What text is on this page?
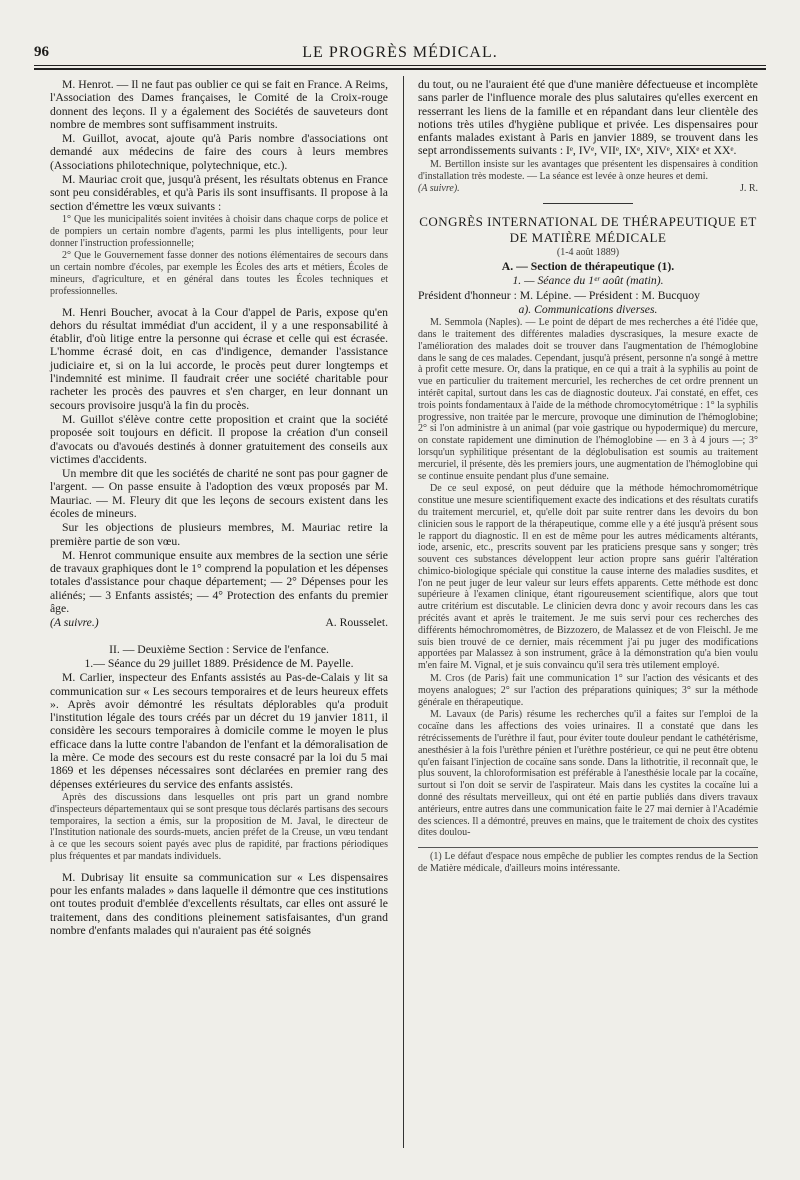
96	LE PROGRÈS MÉDICAL.

M. Henrot. — Il ne faut pas oublier ce qui se fait en France. A Reims, l'Association des Dames françaises, le Comité de la Croix-rouge donnent des leçons. Il y a également des Sociétés de sauveteurs dont nombre de membres sont suffisamment instruits.

M. Guillot, avocat, ajoute qu'à Paris nombre d'associations ont demandé aux médecins de faire des cours à leurs membres (Associations philotechnique, polytechnique, etc.).

M. Mauriac croit que, jusqu'à présent, les résultats obtenus en France sont peu considérables, et qu'à Paris ils sont insuffisants. Il propose à la section d'émettre les vœux suivants :

1° Que les municipalités soient invitées à choisir dans chaque corps de police et de pompiers un certain nombre d'agents, parmi les plus intelligents, pour leur donner l'instruction professionnelle;

2° Que le Gouvernement fasse donner des notions élémentaires de secours dans un certain nombre d'écoles, par exemple les Écoles des arts et métiers, Écoles de mineurs, d'agriculture, et en général dans toutes les Écoles techniques et professionnelles.

M. Henri Boucher, avocat à la Cour d'appel de Paris, expose qu'en dehors du résultat immédiat d'un accident, il y a une responsabilité à établir, d'où litige entre la personne qui écrase et celle qui est écrasée. L'homme écrasé doit, en cas d'indigence, demander l'assistance judiciaire et, si on la lui accorde, le procès peut durer longtemps et l'indemnité est minime. Il faudrait créer une société charitable pour racheter les procès des pauvres et s'en charger, en leur donnant un secours provisoire jusqu'à la fin du procès.

M. Guillot s'élève contre cette proposition et craint que la société proposée soit toujours en déficit. Il propose la création d'un conseil d'avocats ou d'avoués destinés à donner gratuitement des conseils aux victimes d'accidents.

Un membre dit que les sociétés de charité ne sont pas pour gagner de l'argent. — On passe ensuite à l'adoption des vœux proposés par M. Mauriac. — M. Fleury dit que les leçons de secours existent dans les écoles de mineurs.

Sur les objections de plusieurs membres, M. Mauriac retire la première partie de son vœu.

M. Henrot communique ensuite aux membres de la section une série de travaux graphiques dont le 1° comprend la population et les dépenses totales d'assistance pour chaque département; — 2° Dépenses pour les aliénés; — 3 Enfants assistés; — 4° Protection des enfants du premier âge.

(A suivre.)	A. Rousselet.

II. — Deuxième Section : Service de l'enfance.

1.— Séance du 29 juillet 1889. Présidence de M. Payelle.

M. Carlier, inspecteur des Enfants assistés au Pas-de-Calais y lit sa communication sur « Les secours temporaires et de leurs heureux effets ». Après avoir démontré les résultats déplorables qu'a produit l'institution légale des tours créés par un décret du 19 janvier 1811, il considère les secours temporaires à domicile comme le moyen le plus efficace dans la lutte contre l'abandon de l'enfant et la démoralisation de la mère. Ce mode des secours est du reste consacré par la loi du 5 mai 1869 et les dépenses nécessaires sont déclarées en premier rang des dépenses extérieures du service des enfants assistés.

Après des discussions dans lesquelles ont pris part un grand nombre d'inspecteurs départementaux qui se sont presque tous déclarés partisans des secours temporaires, la section a émis, sur la proposition de M. Javal, le directeur de l'Institution nationale des sourds-muets, ancien préfet de la Creuse, un vœu tendant à ce que les secours soient payés avec plus de rapidité, par fractions périodiques plus fréquentes et par mandats individuels.

M. Dubrisay lit ensuite sa communication sur « Les dispensaires pour les enfants malades » dans laquelle il démontre que ces institutions ont toutes produit d'emblée d'excellents résultats, car elles ont assuré le traitement, dans des conditions pleinement satisfaisantes, d'un grand nombre d'enfants malades qui n'auraient pas été soignés

du tout, ou ne l'auraient été que d'une manière défectueuse et incomplète sans parler de l'influence morale des plus salutaires qu'elles exercent en resserrant les liens de la famille et en répandant dans leur clientèle des notions très utiles d'hygiène publique et privée. Les dispensaires pour enfants malades existant à Paris en janvier 1889, se trouvent dans les sept arrondissements suivants : Iᵉ, IVᵉ, VIIᵉ, IXᵉ, XIVᵉ, XIXᵉ et XXᵉ.

M. Bertillon insiste sur les avantages que présentent les dispensaires à condition d'installation très modeste. — La séance est levée à onze heures et demi.

(A suivre).	J. R.

CONGRÈS INTERNATIONAL DE THÉRAPEUTIQUE ET DE MATIÈRE MÉDICALE

(1-4 août 1889)

A. — Section de thérapeutique (1).

1. — Séance du 1ᵉʳ août (matin).

Président d'honneur : M. Lépine. — Président : M. Bucquoy

a). Communications diverses.

M. Semmola (Naples). — Le point de départ de mes recherches a été l'idée que, dans le traitement des différentes maladies dyscrasiques, la mesure exacte de l'amélioration des malades doit se trouver dans l'augmentation de l'hémoglobine dans le sang de ces malades. Cependant, jusqu'à présent, personne n'a songé à mettre à profit cette mesure. Or, dans la pratique, en ce qui a trait à la syphilis au point de vue en particulier du traitement mercuriel, les recherches de cet ordre prennent un intérêt capital, surtout dans les cas de diagnostic douteux. J'ai constaté, en effet, ces trois points fondamentaux à l'aide de la méthode chromocytométrique : 1° la syphilis progressive, non traitée par le mercure, provoque une diminution de l'hémoglobine; 2° si l'on administre à un animal (par voie gastrique ou hypodermique) du mercure, on constate rapidement une diminution de l'hémoglobine — en 3 à 4 jours —; 3° lorsqu'un syphilitique présentant de la déglobulisation est soumis au traitement mercuriel, il présente, dès les premiers jours, une augmentation de l'hémoglobine qui se continue ensuite pendant plus d'une semaine.

De ce seul exposé, on peut déduire que la méthode hémochromométrique constitue une mesure scientifiquement exacte des indications et des résultats curatifs du traitement mercuriel, et, qu'elle doit par suite rentrer dans les devoirs du bon clinicien sous le rapport de la thérapeutique, comme elle y a été jusqu'à présent sous le rapport du diagnostic. Il en est de même pour les autres médicaments altérants, iode, arsenic, etc., prescrits souvent par les praticiens presque sans y songer; très souvent ces substances développent leur action propre sans guérir l'altération chimico-biologique spéciale qui constitue la cause interne des maladies susdites, et l'on ne peut juger de leur valeur sur leurs effets apparents. Cette méthode est donc supérieure à l'examen clinique, étant rigoureusement scientifique, alors que tout autre critérium est discutable. Le clinicien devra donc y avoir recours dans les cas précités avant et après le traitement. Je me suis servi pour ces recherches des différents hémochromomètres, de Bizzozero, de Malassez et de von Fleischl. Je me suis bien trouvé de ce dernier, mais récemment j'ai pu juger des modifications apportées par Malassez à son instrument, grâce à la démonstration qu'a bien voulu m'en faire M. Vignal, et je suis convaincu qu'il sera très utilement employé.

M. Cros (de Paris) fait une communication 1° sur l'action des vésicants et des moyens analogues; 2° sur l'action des préparations quiniques; 3° sur la méthode générale en thérapeutique.

M. Lavaux (de Paris) résume les recherches qu'il a faites sur l'emploi de la cocaïne dans les affections des voies urinaires. Il a constaté que dans les rétrécissements de l'urèthre il faut, pour éviter toute douleur pendant le cathétérisme, anesthésier à la fois l'urèthre pénien et l'urèthre postérieur, ce qui ne peut être obtenu qu'en faisant l'injection de cocaïne sans sonde. Dans la lithotritie, il reconnaît que, le plus souvent, la chloroformisation est préférable à l'anesthésie locale par la cocaïne, surtout si l'on doit se servir de l'aspirateur. Mais dans les cystites la cocaïne lui a donné des résultats merveilleux, qui ont été en partie publiés dans divers travaux antérieurs, entre autres dans une communication faite le 27 mai dernier à l'Académie des sciences. Il a démontré, preuves en mains, que le traitement de choix des cystites dites doulou-

(1) Le défaut d'espace nous empêche de publier les comptes rendus de la Section de Matière médicale, d'ailleurs moins intéressante.
